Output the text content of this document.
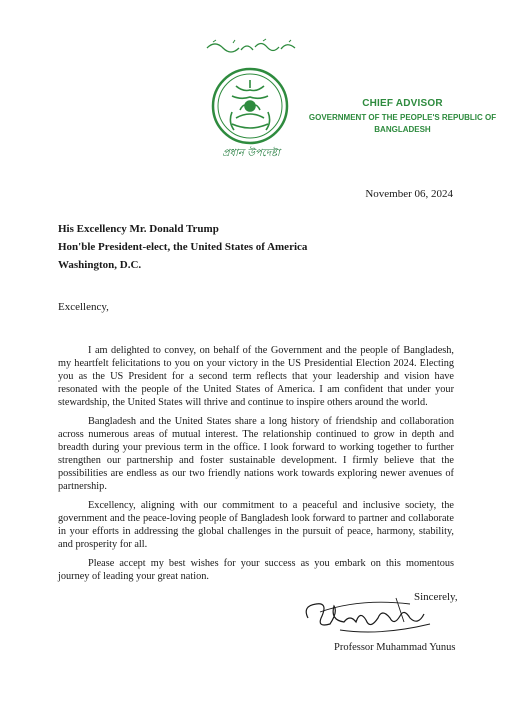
প্রধান উপদেষ্টা
CHIEF ADVISOR
GOVERNMENT OF THE PEOPLE'S REPUBLIC OF
BANGLADESH
November 06, 2024
His Excellency Mr. Donald Trump
Hon'ble President-elect, the United States of America
Washington, D.C.
Excellency,

I am delighted to convey, on behalf of the Government and the people of Bangladesh, my heartfelt felicitations to you on your victory in the US Presidential Election 2024. Electing you as the US President for a second term reflects that your leadership and vision have resonated with the people of the United States of America. I am confident that under your stewardship, the United States will thrive and continue to inspire others around the world.

Bangladesh and the United States share a long history of friendship and collaboration across numerous areas of mutual interest. The relationship continued to grow in depth and breadth during your previous term in the office. I look forward to working together to further strengthen our partnership and foster sustainable development. I firmly believe that the possibilities are endless as our two friendly nations work towards exploring newer avenues of partnership.

Excellency, aligning with our commitment to a peaceful and inclusive society, the government and the peace-loving people of Bangladesh look forward to partner and collaborate in your efforts in addressing the global challenges in the pursuit of peace, harmony, stability, and prosperity for all.

Please accept my best wishes for your success as you embark on this momentous journey of leading your great nation.

Sincerely,
Professor Muhammad Yunus
